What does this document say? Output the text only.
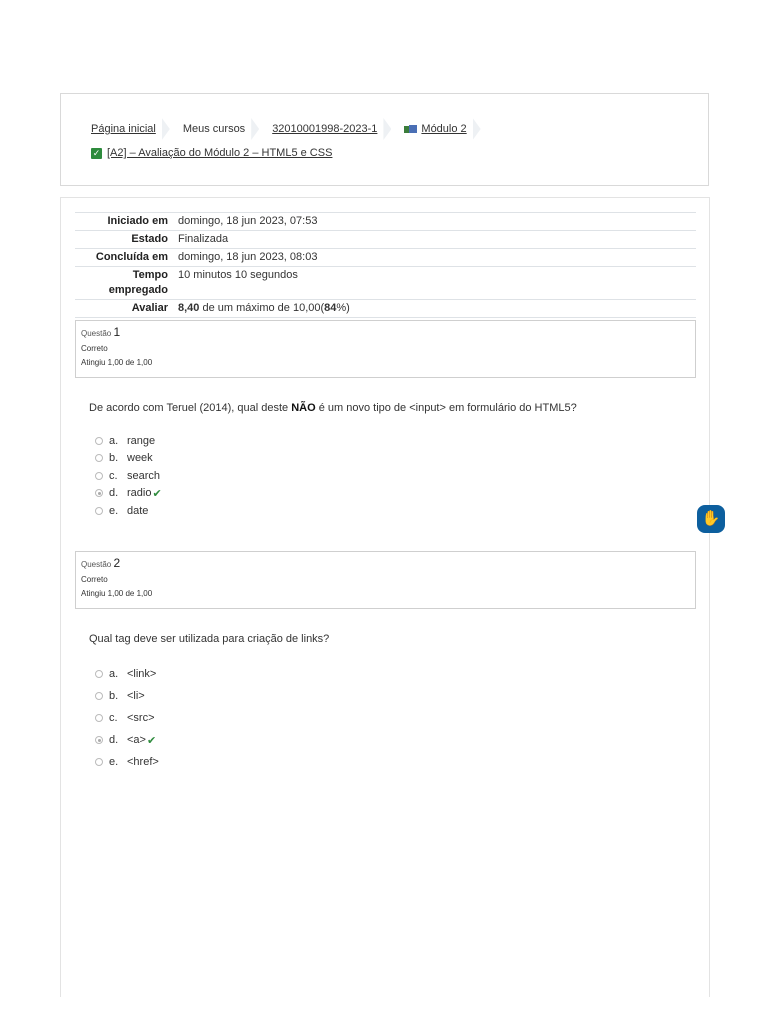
Página inicial Meus cursos 32010001998-2023-1	Módulo 2
✓ [A2] – Avaliação do Módulo 2 – HTML5 e CSS
Iniciado em	domingo, 18 jun 2023, 07:53
Estado	Finalizada
Concluída em	domingo, 18 jun 2023, 08:03
Tempo empregado	10 minutos 10 segundos
Avaliar	8,40 de um máximo de 10,00(84%)
Questão 1
Correto
Atingiu 1,00 de 1,00
De acordo com Teruel (2014), qual deste NÃO é um novo tipo de <input> em formulário do HTML5?
a. range
b. week
c. search
d. radio ✔
e. date
Questão 2
Correto
Atingiu 1,00 de 1,00
Qual tag deve ser utilizada para criação de links?
a. <link>
b. <li>
c. <src>
d. <a> ✔
e. <href>
✋
